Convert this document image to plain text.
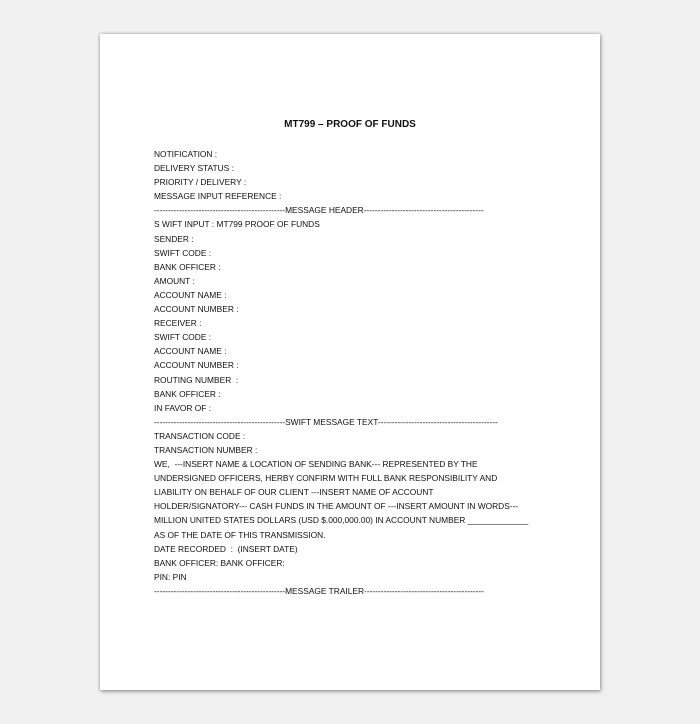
MT799 – PROOF OF FUNDS
NOTIFICATION :
DELIVERY STATUS :
PRIORITY / DELIVERY :
MESSAGE INPUT REFERENCE :
-----------------------------------------------MESSAGE HEADER-------------------------------------------
S WIFT INPUT : MT799 PROOF OF FUNDS
SENDER :
SWIFT CODE :
BANK OFFICER :
AMOUNT :
ACCOUNT NAME :
ACCOUNT NUMBER :
RECEIVER :
SWIFT CODE :
ACCOUNT NAME :
ACCOUNT NUMBER :
ROUTING NUMBER  :
BANK OFFICER :
IN FAVOR OF :
-----------------------------------------------SWIFT MESSAGE TEXT-------------------------------------------
TRANSACTION CODE :
TRANSACTION NUMBER :
WE,  ---INSERT NAME & LOCATION OF SENDING BANK--- REPRESENTED BY THE
UNDERSIGNED OFFICERS, HERBY CONFIRM WITH FULL BANK RESPONSIBILITY AND
LIABILITY ON BEHALF OF OUR CLIENT ---INSERT NAME OF ACCOUNT
HOLDER/SIGNATORY--- CASH FUNDS IN THE AMOUNT OF ---INSERT AMOUNT IN WORDS---
MILLION UNITED STATES DOLLARS (USD $.000,000.00) IN ACCOUNT NUMBER _____________
AS OF THE DATE OF THIS TRANSMISSION.
DATE RECORDED  :  (INSERT DATE)
BANK OFFICER: BANK OFFICER:
PIN: PIN
-----------------------------------------------MESSAGE TRAILER-------------------------------------------
